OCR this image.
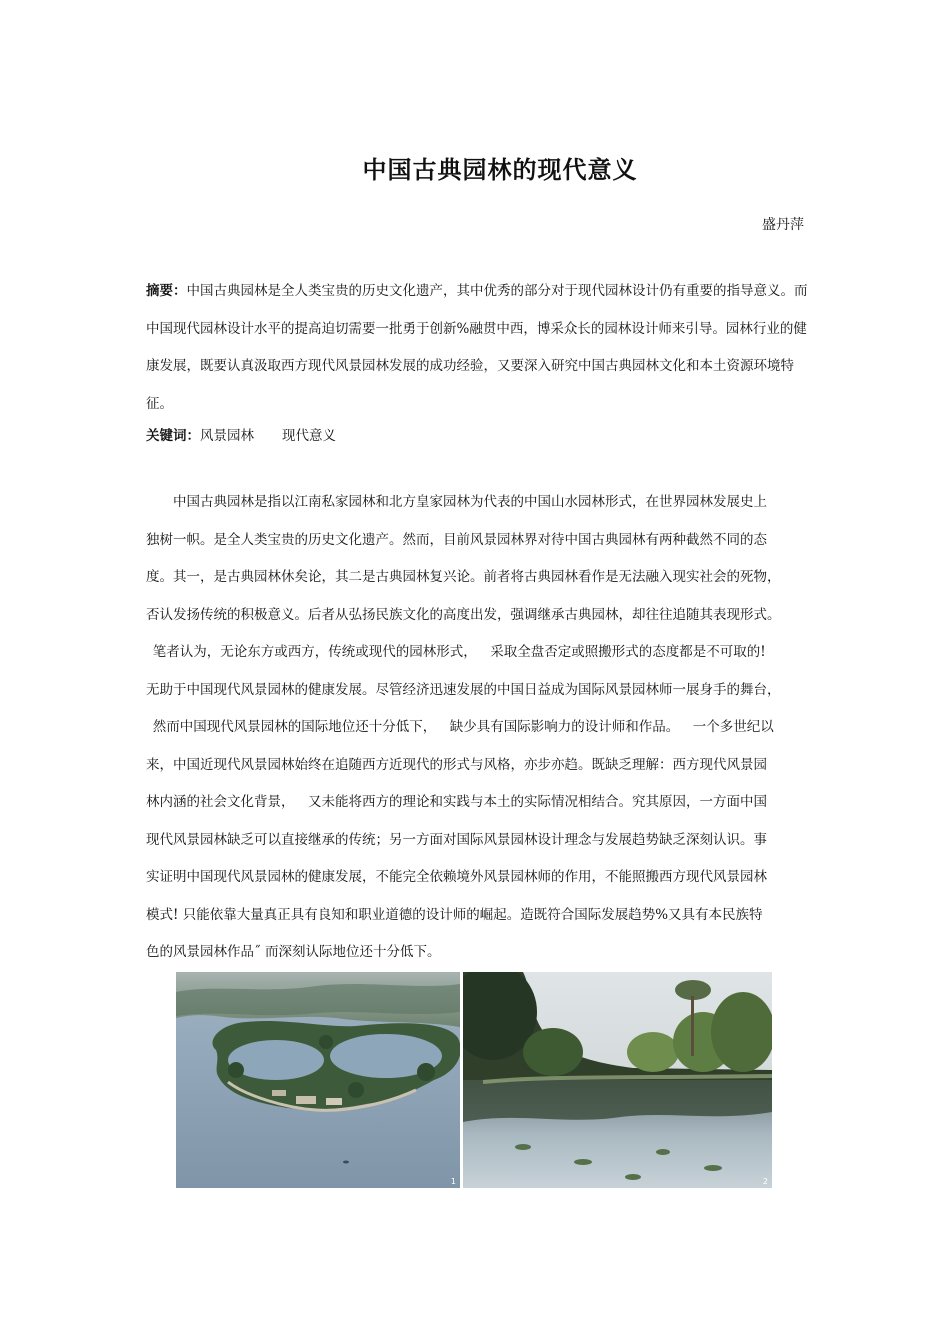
中国古典园林的现代意义
盛丹萍
摘要：中国古典园林是全人类宝贵的历史文化遗产，其中优秀的部分对于现代园林设计仍有重要的指导意义。而中国现代园林设计水平的提高迫切需要一批勇于创新%融贯中西，博采众长的园林设计师来引导。园林行业的健康发展，既要认真汲取西方现代风景园林发展的成功经验，又要深入研究中国古典园林文化和本土资源环境特征。
关键词：风景园林 现代意义
　　中国古典园林是指以江南私家园林和北方皇家园林为代表的中国山水园林形式，在世界园林发展史上
独树一帜。是全人类宝贵的历史文化遗产。然而，目前风景园林界对待中国古典园林有两种截然不同的态
度。其一，是古典园林休矣论，其二是古典园林复兴论。前者将古典园林看作是无法融入现实社会的死物，
否认发扬传统的积极意义。后者从弘扬民族文化的高度出发，强调继承古典园林，却往往追随其表现形式。
 笔者认为，无论东方或西方，传统或现代的园林形式， 采取全盘否定或照搬形式的态度都是不可取的!
无助于中国现代风景园林的健康发展。尽管经济迅速发展的中国日益成为国际风景园林师一展身手的舞台，
 然而中国现代风景园林的国际地位还十分低下， 缺少具有国际影响力的设计师和作品。 一个多世纪以
来，中国近现代风景园林始终在追随西方近现代的形式与风格，亦步亦趋。既缺乏理解：西方现代风景园
林内涵的社会文化背景， 又未能将西方的理论和实践与本土的实际情况相结合。究其原因，一方面中国
现代风景园林缺乏可以直接继承的传统；另一方面对国际风景园林设计理念与发展趋势缺乏深刻认识。事
实证明中国现代风景园林的健康发展，不能完全依赖境外风景园林师的作用，不能照搬西方现代风景园林
模式! 只能依靠大量真正具有良知和职业道德的设计师的崛起。造既符合国际发展趋势%又具有本民族特
色的风景园林作品˝ 而深刻认际地位还十分低下。
1	2
